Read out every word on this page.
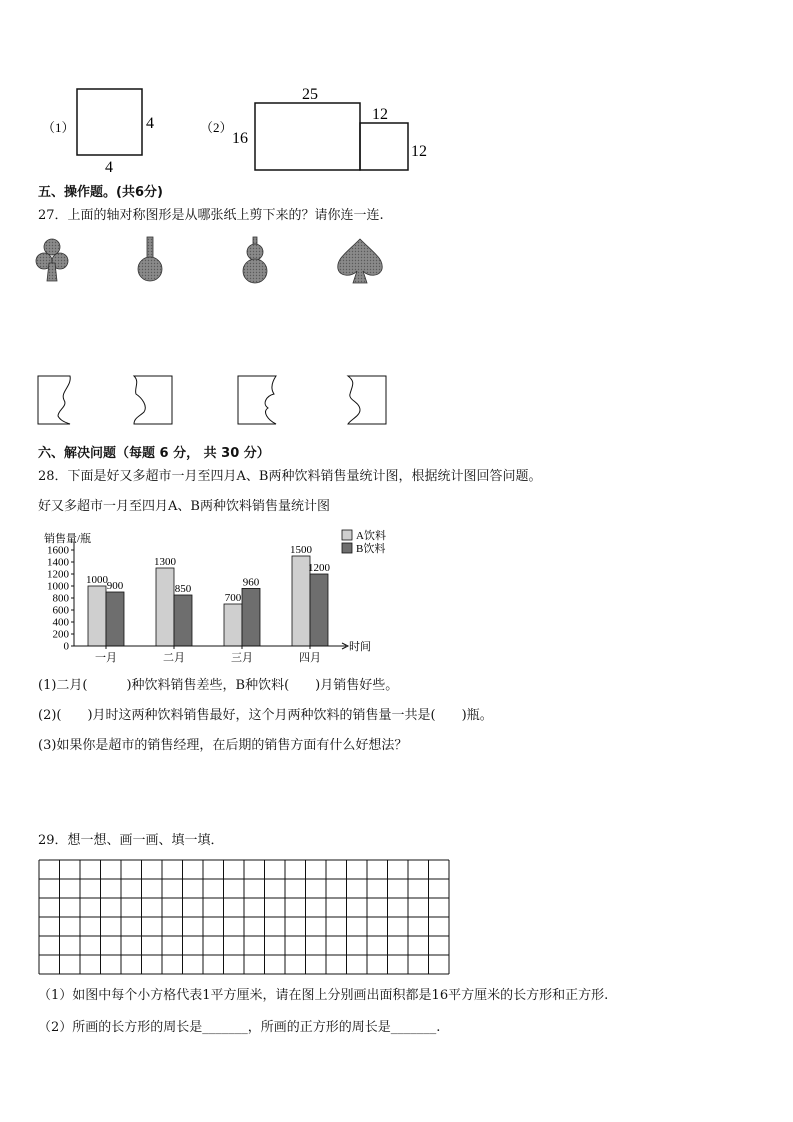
（1）	4
4
（2）
16
25
12
12
五、操作题。(共6分)
27．上面的轴对称图形是从哪张纸上剪下来的？请你连一连.
六、解决问题（每题 6 分， 共 30 分）
28．下面是好又多超市一月至四月A、B两种饮料销售量统计图，根据统计图回答问题。
好又多超市一月至四月A、B两种饮料销售量统计图
销售量/瓶
时间
0
200
400
600
800
1000
1200
1400
1600
1000
900
1300
850
700
960
1500
1200
一月	二月	三月	四月
A饮料
B饮料
(1)二月(　　　)种饮料销售差些，B种饮料(　　)月销售好些。
(2)(　　)月时这两种饮料销售最好，这个月两种饮料的销售量一共是(　　)瓶。
(3)如果你是超市的销售经理，在后期的销售方面有什么好想法？
29．想一想、画一画、填一填．
（1）如图中每个小方格代表1平方厘米，请在图上分别画出面积都是16平方厘米的长方形和正方形.
（2）所画的长方形的周长是_______，所画的正方形的周长是_______.
